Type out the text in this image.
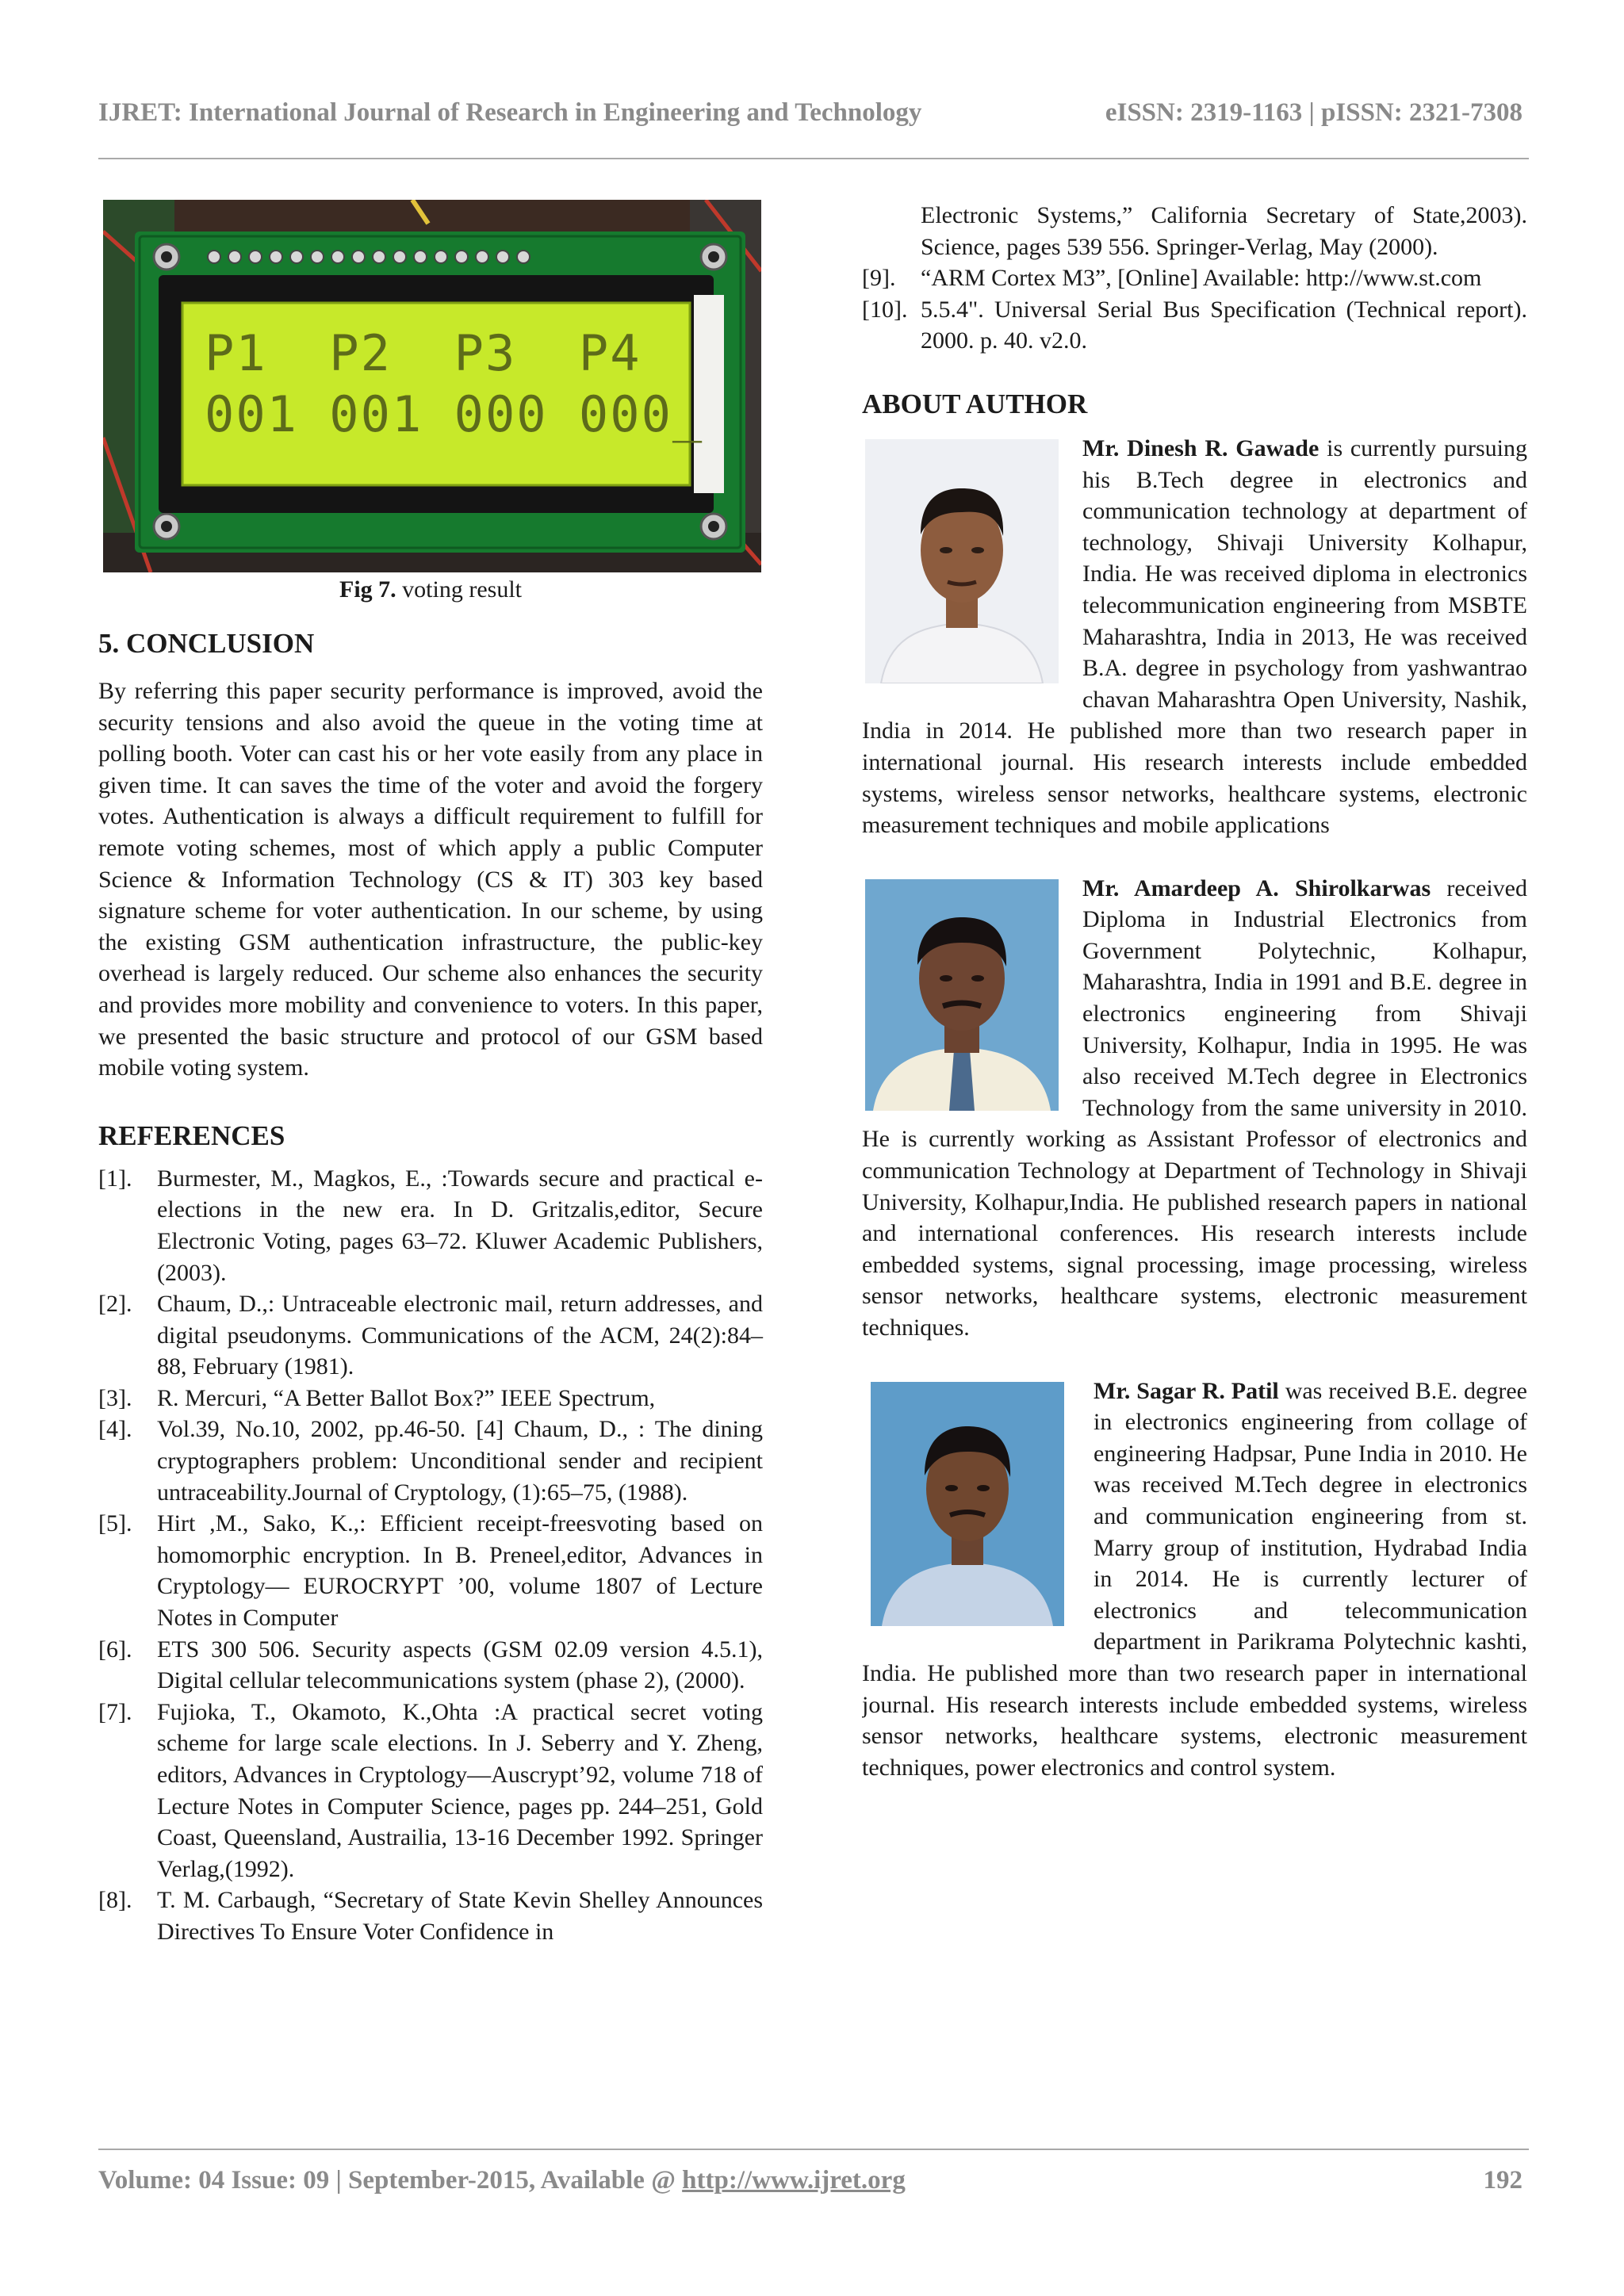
IJRET: International Journal of Research in Engineering and Technology	eISSN: 2319-1163 | pISSN: 2321-7308
P1  P2  P3  P4
001 001 000 000_
Fig 7. voting result
5. CONCLUSION

By referring this paper security performance is improved, avoid the security tensions and also avoid the queue in the voting time at polling booth. Voter can cast his or her vote easily from any place in given time. It can saves the time of the voter and avoid the forgery votes. Authentication is always a difficult requirement to fulfill for remote voting schemes, most of which apply a public Computer Science & Information Technology (CS & IT) 303 key based signature scheme for voter authentication. In our scheme, by using the existing GSM authentication infrastructure, the public-key overhead is largely reduced. Our scheme also enhances the security and provides more mobility and convenience to voters. In this paper, we presented the basic structure and protocol of our GSM based mobile voting system.

REFERENCES
[1].	Burmester, M., Magkos, E., :Towards secure and practical e-elections in the new era. In D. Gritzalis,editor, Secure Electronic Voting, pages 63–72. Kluwer Academic Publishers, (2003).
[2].	Chaum, D.,: Untraceable electronic mail, return addresses, and digital pseudonyms. Communications of the ACM, 24(2):84–88, February (1981).
[3].	R. Mercuri, “A Better Ballot Box?” IEEE Spectrum,
[4].	Vol.39, No.10, 2002, pp.46-50. [4] Chaum, D., : The dining cryptographers problem: Unconditional sender and recipient untraceability.Journal of Cryptology, (1):65–75, (1988).
[5].	Hirt ,M., Sako, K.,: Efficient receipt-freesvoting based on homomorphic encryption. In B. Preneel,editor, Advances in Cryptology— EUROCRYPT ’00, volume 1807 of Lecture Notes in Computer
[6].	ETS 300 506. Security aspects (GSM 02.09 version 4.5.1), Digital cellular telecommunications system (phase 2), (2000).
[7].	Fujioka, T., Okamoto, K.,Ohta :A practical secret voting scheme for large scale elections. In J. Seberry and Y. Zheng, editors, Advances in Cryptology—Auscrypt’92, volume 718 of Lecture Notes in Computer Science, pages pp. 244–251, Gold Coast, Queensland, Austrailia, 13-16 December 1992. Springer Verlag,(1992).
[8].	T. M. Carbaugh, “Secretary of State Kevin Shelley Announces Directives To Ensure Voter Confidence in

Electronic Systems,” California Secretary of State,2003). Science, pages 539 556. Springer-Verlag, May (2000).

[9].	“ARM Cortex M3”, [Online] Available: http://www.st.com
[10]. 5.5.4". Universal Serial Bus Specification (Technical report). 2000. p. 40. v2.0.
ABOUT AUTHOR

Mr. Dinesh R. Gawade is currently pursuing his B.Tech degree in electronics and communication technology at department of technology, Shivaji University Kolhapur, India. He was received diploma in electronics telecommunication engineering from MSBTE Maharashtra, India in 2013, He was received B.A. degree in psychology from yashwantrao chavan Maharashtra Open University, Nashik, India in 2014. He published more than two research paper in international journal. His research interests include embedded systems, wireless sensor networks, healthcare systems, electronic measurement techniques and mobile applications

Mr. Amardeep A. Shirolkarwas received Diploma in Industrial Electronics from Government Polytechnic, Kolhapur, Maharashtra, India in 1991 and B.E. degree in electronics engineering from Shivaji University, Kolhapur, India in 1995. He was also received M.Tech degree in Electronics Technology from the same university in 2010. He is currently working as Assistant Professor of electronics and communication Technology at Department of Technology in Shivaji University, Kolhapur,India. He published research papers in national and international conferences. His research interests include embedded systems, signal processing, image processing, wireless sensor networks, healthcare systems, electronic measurement techniques.

Mr. Sagar R. Patil was received B.E. degree in electronics engineering from collage of engineering Hadpsar, Pune India in 2010. He was received M.Tech degree in electronics and communication engineering from st. Marry group of institution, Hydrabad India in 2014. He is currently lecturer of electronics and telecommunication department in Parikrama Polytechnic kashti, India. He published more than two research paper in international journal. His research interests include embedded systems, wireless sensor networks, healthcare systems, electronic measurement techniques, power electronics and control system.

Volume: 04 Issue: 09 | September-2015, Available @ http://www.ijret.org	192
